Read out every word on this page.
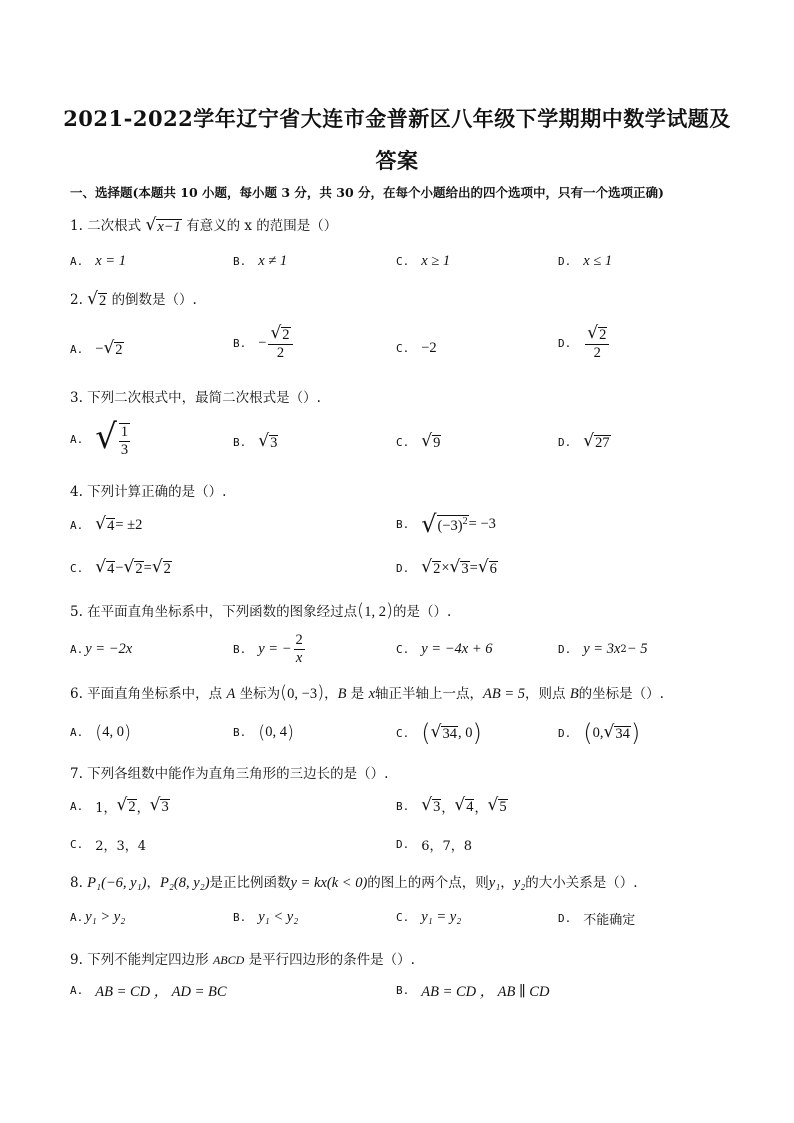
2021-2022学年辽宁省大连市金普新区八年级下学期期中数学试题及
答案
一、选择题(本题共 10 小题，每小题 3 分，共 30 分，在每个小题给出的四个选项中，只有一个选项正确)
1. 二次根式 √ x−1 有意义的 x 的范围是（）
A. x = 1	B. x ≠ 1	C. x ≥ 1	D. x ≤ 1
2. √ 2 的倒数是（）.
A. − √ 2	B. − $\frac{√ 2}{2}$	C. −2	D. $\frac{√ 2}{2}$
3. 下列二次根式中，最简二次根式是（）.
A. √ $\frac{1}{3}$	B. √ 3	C. √ 9	D. √ 27
4. 下列计算正确的是（）.
A. √ 4 = ±2	B. √ $(-3)^2 = -3$
C. √ 4 − √ 2 = √ 2	D. √ 2 × √ 3 = √ 6
5. 在平面直角坐标系中，下列函数的图象经过点(1, 2)的是（）.
A. y = −2x	B. y = − $\frac{2}{x}$	C. y = −4x + 6	D. y = 3x 2 − 5
6. 平面直角坐标系中，点 A 坐标为(0, −3)，B 是 x轴正半轴上一点，AB = 5，则点 B的坐标是（）.
A. ( 4, 0 )	B. ( 0, 4 )	C. ( √ 34 , 0 )	D. ( 0, √ 34 )
7. 下列各组数中能作为直角三角形的三边长的是（）.
A. 1， √ 2 ， √ 3	B. √ 3 ， √ 4 ， √ 5
C. 2，3，4	D. 6，7，8
8. P₁(−6, y₁)，P₂(8, y₂)是正比例函数y = kx(k < 0)的图上的两个点，则y₁，y₂的大小关系是（）.
A. y₁ > y₂	B. y₁ < y₂	C. y₁ = y₂	D. 不能确定
9. 下列不能判定四边形 ABCD 是平行四边形的条件是（）.
A. AB = CD ， AD = BC	B. AB = CD ， AB ∥ CD
